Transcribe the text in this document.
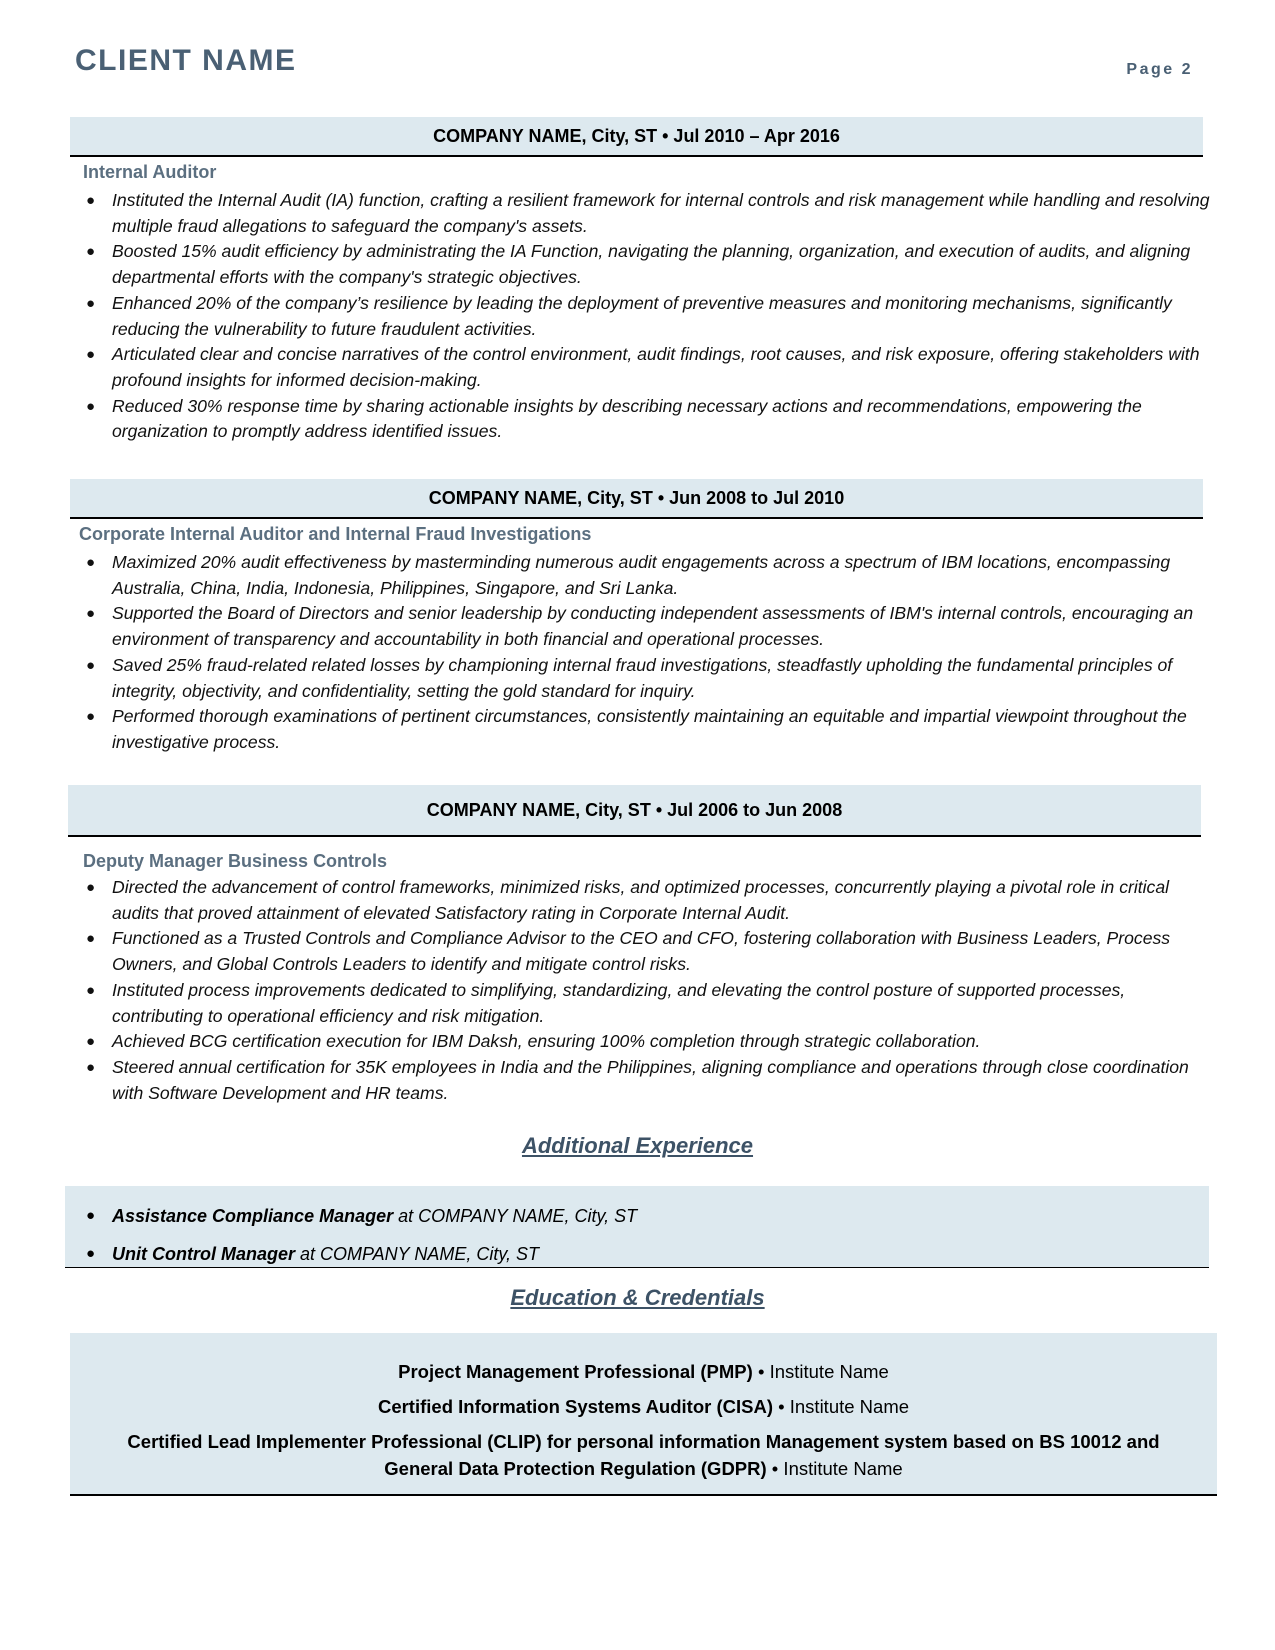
CLIENT NAME	Page 2
COMPANY NAME, City, ST • Jul 2010 – Apr 2016
Internal Auditor
● Instituted the Internal Audit (IA) function, crafting a resilient framework for internal controls and risk management while handling and resolving multiple fraud allegations to safeguard the company's assets.
● Boosted 15% audit efficiency by administrating the IA Function, navigating the planning, organization, and execution of audits, and aligning departmental efforts with the company's strategic objectives.
● Enhanced 20% of the company’s resilience by leading the deployment of preventive measures and monitoring mechanisms, significantly reducing the vulnerability to future fraudulent activities.
● Articulated clear and concise narratives of the control environment, audit findings, root causes, and risk exposure, offering stakeholders with profound insights for informed decision-making.
● Reduced 30% response time by sharing actionable insights by describing necessary actions and recommendations, empowering the organization to promptly address identified issues.
COMPANY NAME, City, ST • Jun 2008 to Jul 2010
Corporate Internal Auditor and Internal Fraud Investigations
● Maximized 20% audit effectiveness by masterminding numerous audit engagements across a spectrum of IBM locations, encompassing Australia, China, India, Indonesia, Philippines, Singapore, and Sri Lanka.
● Supported the Board of Directors and senior leadership by conducting independent assessments of IBM's internal controls, encouraging an environment of transparency and accountability in both financial and operational processes.
● Saved 25% fraud-related related losses by championing internal fraud investigations, steadfastly upholding the fundamental principles of integrity, objectivity, and confidentiality, setting the gold standard for inquiry.
● Performed thorough examinations of pertinent circumstances, consistently maintaining an equitable and impartial viewpoint throughout the investigative process.
COMPANY NAME, City, ST • Jul 2006 to Jun 2008
Deputy Manager Business Controls
● Directed the advancement of control frameworks, minimized risks, and optimized processes, concurrently playing a pivotal role in critical audits that proved attainment of elevated Satisfactory rating in Corporate Internal Audit.
● Functioned as a Trusted Controls and Compliance Advisor to the CEO and CFO, fostering collaboration with Business Leaders, Process Owners, and Global Controls Leaders to identify and mitigate control risks.
● Instituted process improvements dedicated to simplifying, standardizing, and elevating the control posture of supported processes, contributing to operational efficiency and risk mitigation.
● Achieved BCG certification execution for IBM Daksh, ensuring 100% completion through strategic collaboration.
● Steered annual certification for 35K employees in India and the Philippines, aligning compliance and operations through close coordination with Software Development and HR teams.
Additional Experience
● Assistance Compliance Manager at COMPANY NAME, City, ST
● Unit Control Manager at COMPANY NAME, City, ST
Education & Credentials
Project Management Professional (PMP) • Institute Name
Certified Information Systems Auditor (CISA) • Institute Name
Certified Lead Implementer Professional (CLIP) for personal information Management system based on BS 10012 and
General Data Protection Regulation (GDPR) • Institute Name
